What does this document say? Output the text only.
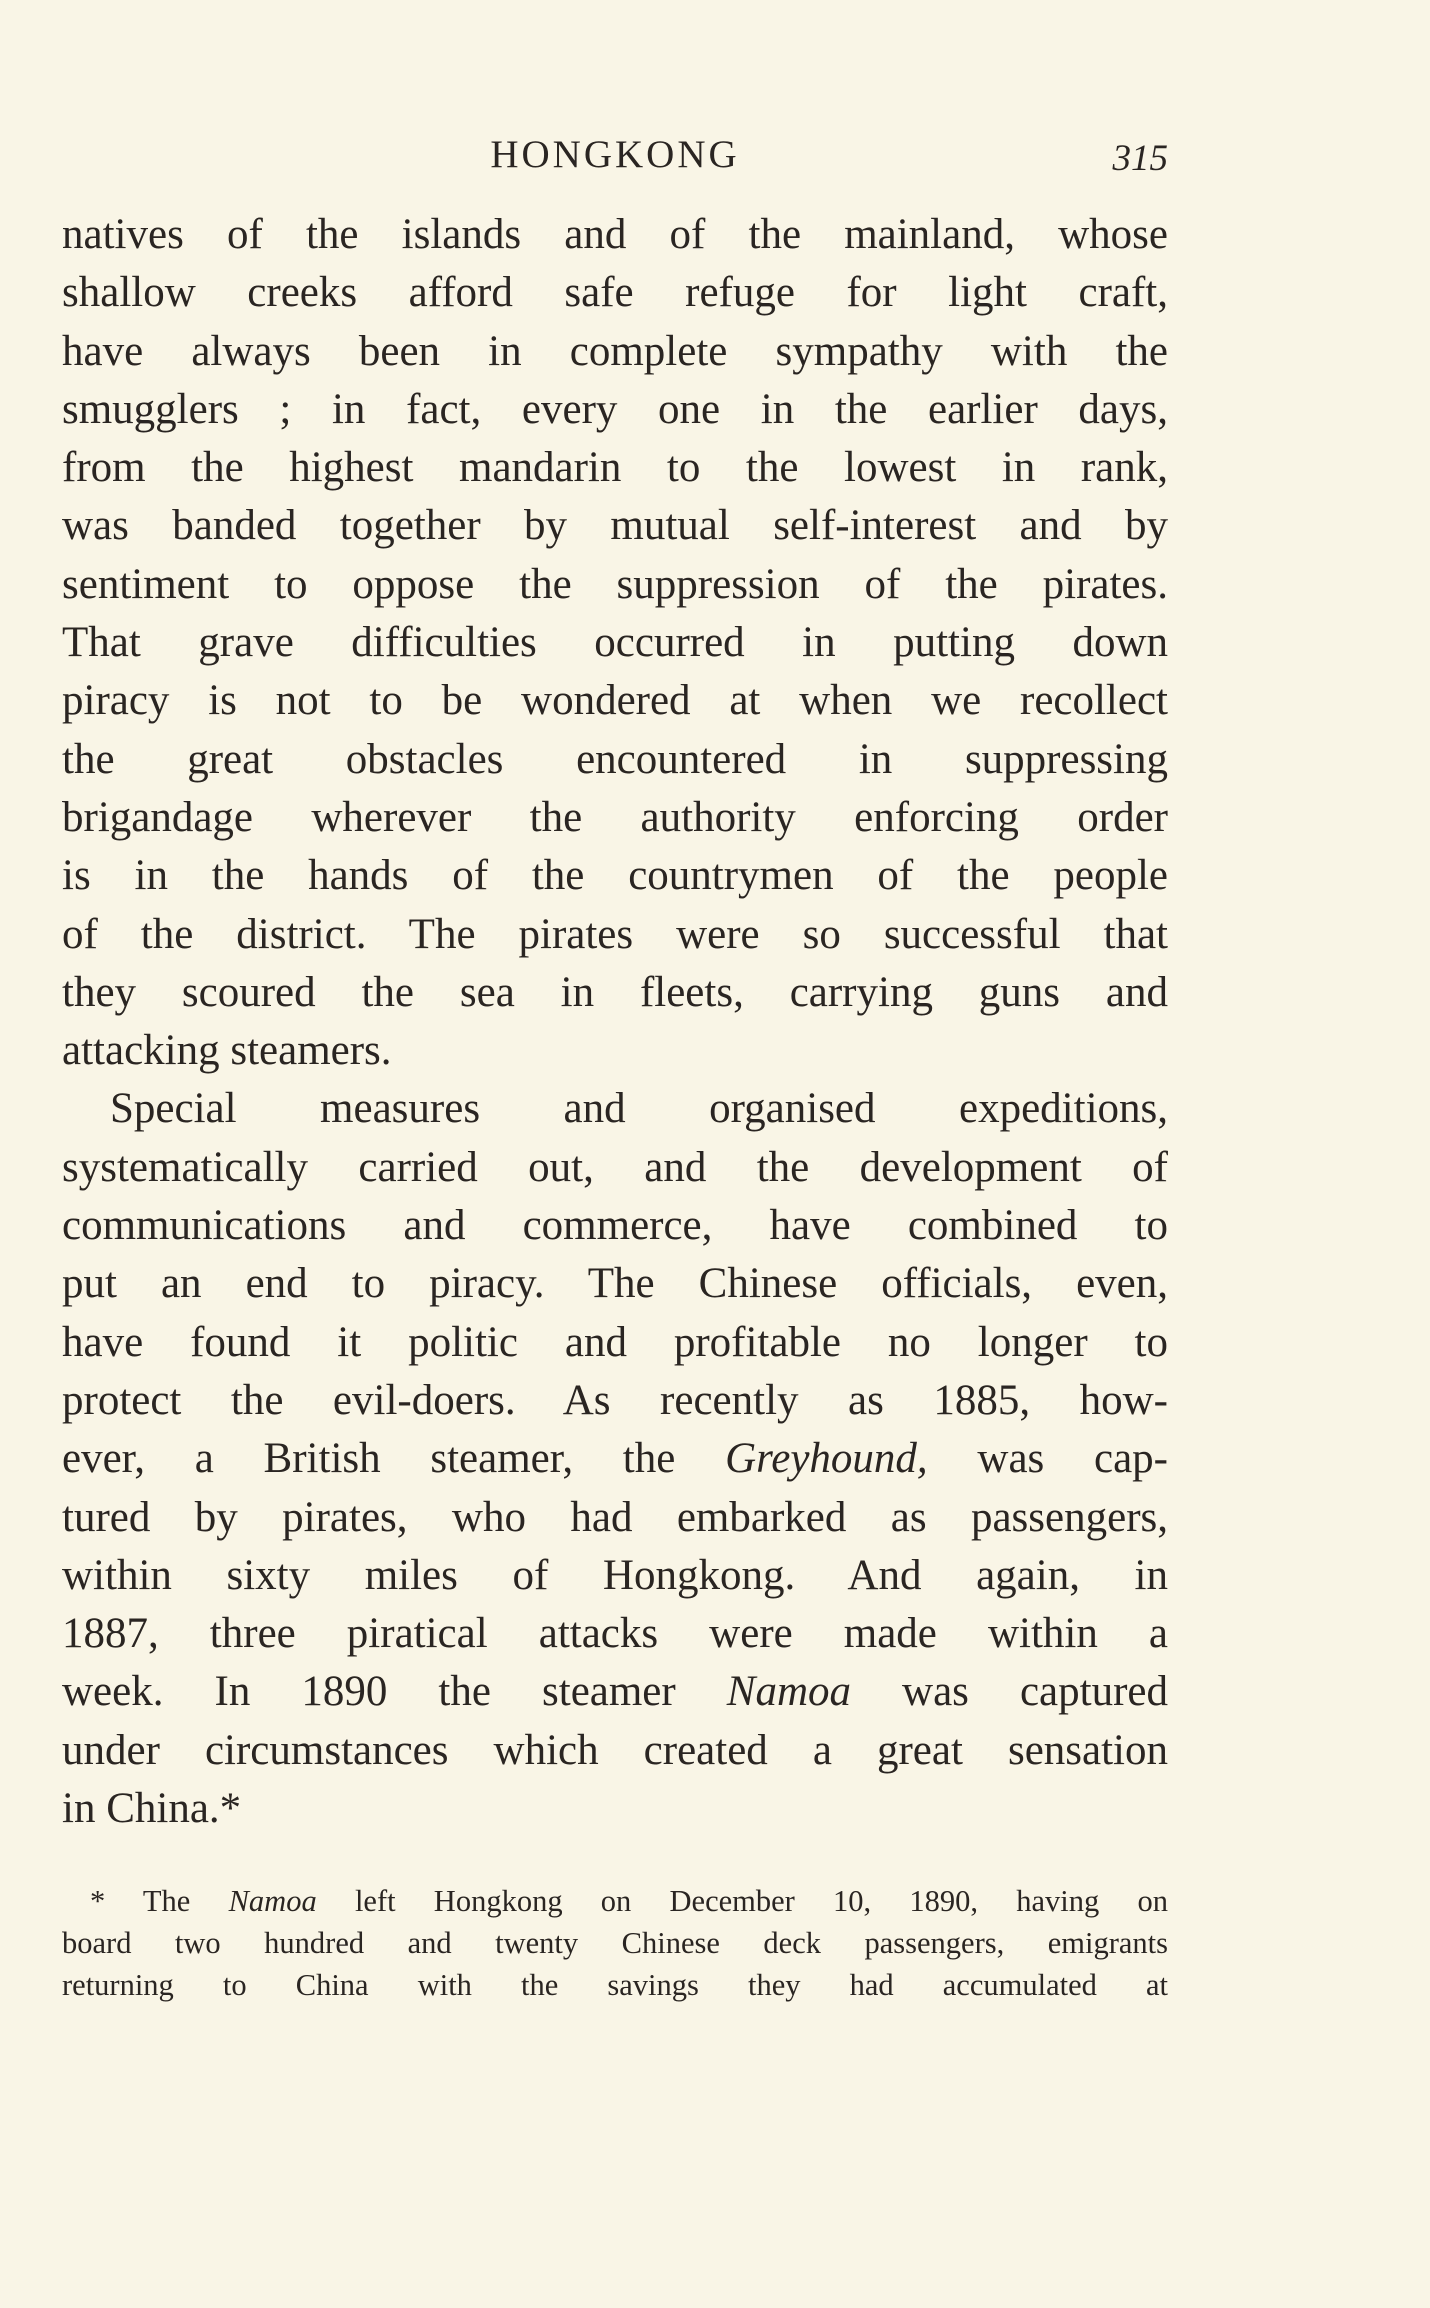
HONGKONG	315
natives of the islands and of the mainland, whose
shallow creeks afford safe refuge for light craft,
have always been in complete sympathy with the
smugglers ; in fact, every one in the earlier days,
from the highest mandarin to the lowest in rank,
was banded together by mutual self-interest and by
sentiment to oppose the suppression of the pirates.
That grave difficulties occurred in putting down
piracy is not to be wondered at when we recollect
the great obstacles encountered in suppressing
brigandage wherever the authority enforcing order
is in the hands of the countrymen of the people
of the district. The pirates were so successful that
they scoured the sea in fleets, carrying guns and
attacking steamers.
Special measures and organised expeditions,
systematically carried out, and the development of
communications and commerce, have combined to
put an end to piracy. The Chinese officials, even,
have found it politic and profitable no longer to
protect the evil-doers. As recently as 1885, how-
ever, a British steamer, the Greyhound, was cap-
tured by pirates, who had embarked as passengers,
within sixty miles of Hongkong. And again, in
1887, three piratical attacks were made within a
week. In 1890 the steamer Namoa was captured
under circumstances which created a great sensation
in China.*
* The Namoa left Hongkong on December 10, 1890, having on
board two hundred and twenty Chinese deck passengers, emigrants
returning to China with the savings they had accumulated at
